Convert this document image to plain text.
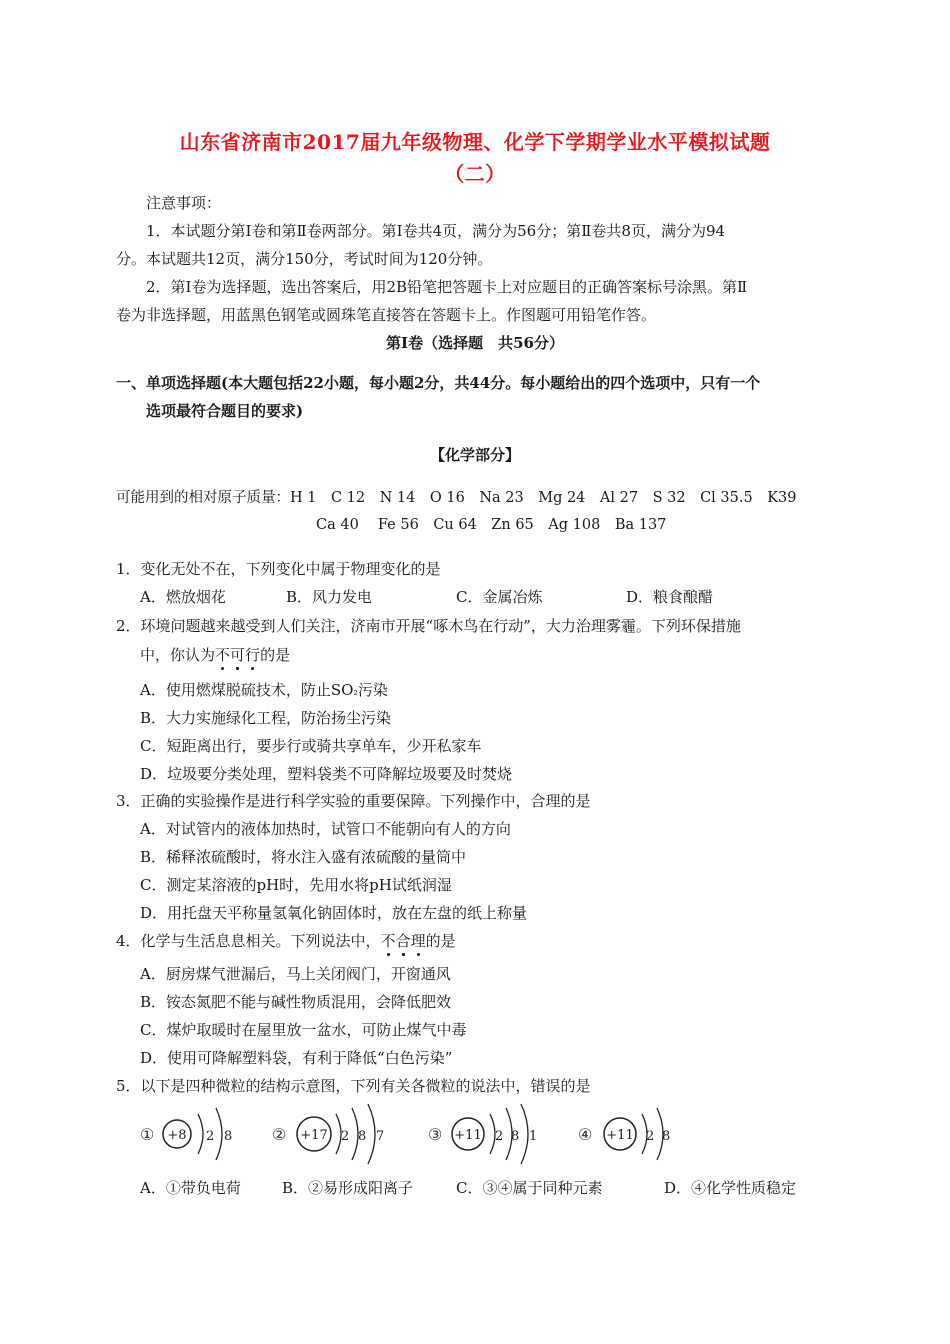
山东省济南市2017届九年级物理、化学下学期学业水平模拟试题
（二）
注意事项：
1．本试题分第Ⅰ卷和第Ⅱ卷两部分。第Ⅰ卷共4页，满分为56分；第Ⅱ卷共8页，满分为94
分。本试题共12页，满分150分，考试时间为120分钟。
2．第Ⅰ卷为选择题，选出答案后，用2B铅笔把答题卡上对应题目的正确答案标号涂黑。第Ⅱ
卷为非选择题，用蓝黑色钢笔或圆珠笔直接答在答题卡上。作图题可用铅笔作答。
第Ⅰ卷（选择题　共56分）
一、单项选择题(本大题包括22小题，每小题2分，共44分。每小题给出的四个选项中，只有一个
选项最符合题目的要求)
【化学部分】
可能用到的相对原子质量：H 1　C 12　N 14　O 16　Na 23　Mg 24　Al 27　S 32　Cl 35.5　K39
Ca 40　 Fe 56　Cu 64　Zn 65　Ag 108　Ba 137
1．变化无处不在，下列变化中属于物理变化的是
A．燃放烟花	B．风力发电	C．金属冶炼	D．粮食酿醋
2．环境问题越来越受到人们关注，济南市开展“啄木鸟在行动”，大力治理雾霾。下列环保措施
中，你认为不可行的是
A．使用燃煤脱硫技术，防止SO₂污染
B．大力实施绿化工程，防治扬尘污染
C．短距离出行，要步行或骑共享单车，少开私家车
D．垃圾要分类处理，塑料袋类不可降解垃圾要及时焚烧
3．正确的实验操作是进行科学实验的重要保障。下列操作中，合理的是
A．对试管内的液体加热时，试管口不能朝向有人的方向
B．稀释浓硫酸时，将水注入盛有浓硫酸的量筒中
C．测定某溶液的pH时，先用水将pH试纸润湿
D．用托盘天平称量氢氧化钠固体时，放在左盘的纸上称量
4．化学与生活息息相关。下列说法中，不合理的是
A．厨房煤气泄漏后，马上关闭阀门，开窗通风
B．铵态氮肥不能与碱性物质混用，会降低肥效
C．煤炉取暖时在屋里放一盆水，可防止煤气中毒
D．使用可降解塑料袋，有利于降低“白色污染”
5．以下是四种微粒的结构示意图，下列有关各微粒的说法中，错误的是
① +8 2 8 ② +17 2 8 7	③ +11 2 8 1	④ +11 2 8
A．①带负电荷	B．②易形成阳离子	C．③④属于同种元素	D．④化学性质稳定
